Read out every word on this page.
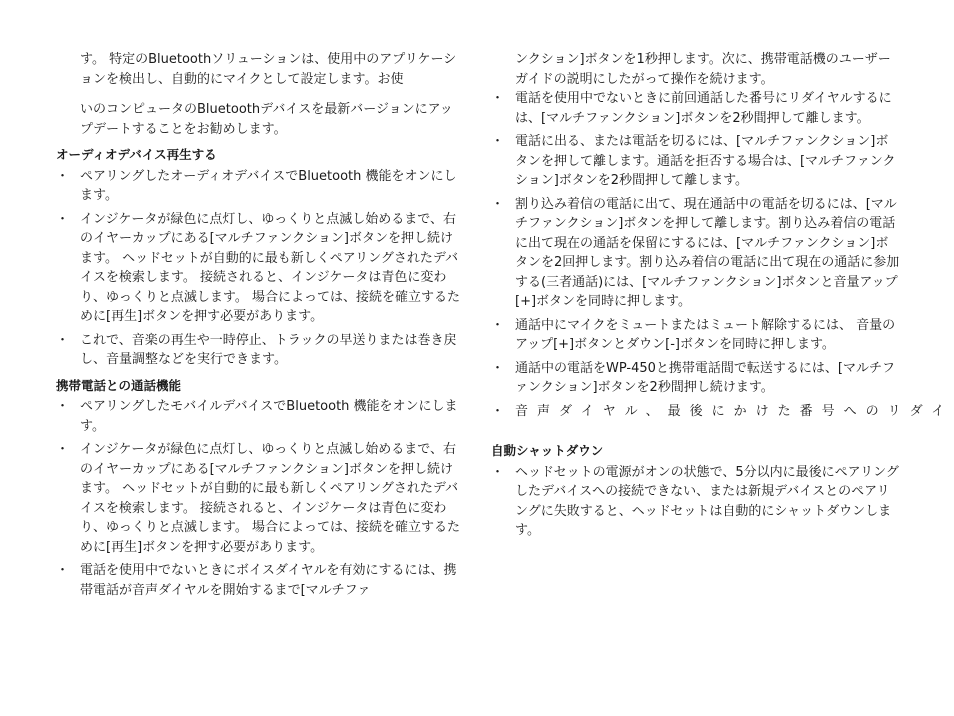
す。 特定のBluetoothソリューションは、使用中のアプリケーションを検出し、自動的にマイクとして設定します。お使

いのコンピュータのBluetoothデバイスを最新バージョンにアップデートすることをお勧めします。

オーディオデバイス再生する
・ ペアリングしたオーディオデバイスでBluetooth 機能をオンにします。
・ インジケータが緑色に点灯し、ゆっくりと点滅し始めるまで、右のイヤーカップにある[マルチファンクション]ボタンを押し続けます。 ヘッドセットが自動的に最も新しくペアリングされたデバイスを検索します。 接続されると、インジケータは青色に変わり、ゆっくりと点滅します。 場合によっては、接続を確立するために[再生]ボタンを押す必要があります。
・ これで、音楽の再生や一時停止、トラックの早送りまたは巻き戻し、音量調整などを実行できます。
携帯電話との通話機能
・ ペアリングしたモバイルデバイスでBluetooth 機能をオンにします。
・ インジケータが緑色に点灯し、ゆっくりと点滅し始めるまで、右のイヤーカップにある[マルチファンクション]ボタンを押し続けます。 ヘッドセットが自動的に最も新しくペアリングされたデバイスを検索します。 接続されると、インジケータは青色に変わり、ゆっくりと点滅します。 場合によっては、接続を確立するために[再生]ボタンを押す必要があります。
・ 電話を使用中でないときにボイスダイヤルを有効にするには、携帯電話が音声ダイヤルを開始するまで[マルチファ

ンクション]ボタンを1秒押します。次に、携帯電話機のユーザーガイドの説明にしたがって操作を続けます。

・ 電話を使用中でないときに前回通話した番号にリダイヤルするには、[マルチファンクション]ボタンを2秒間押して離します。
・ 電話に出る、または電話を切るには、[マルチファンクション]ボタンを押して離します。通話を拒否する場合は、[マルチファンクション]ボタンを2秒間押して離します。
・ 割り込み着信の電話に出て、現在通話中の電話を切るには、[マルチファンクション]ボタンを押して離します。割り込み着信の電話に出て現在の通話を保留にするには、[マルチファンクション]ボタンを2回押します。割り込み着信の電話に出て現在の通話に参加する(三者通話)には、[マルチファンクション]ボタンと音量アップ[+]ボタンを同時に押します。
・ 通話中にマイクをミュートまたはミュート解除するには、 音量のアップ[+]ボタンとダウン[-]ボタンを同時に押します。
・ 通話中の電話をWP-450と携帯電話間で転送するには、[マルチファンクション]ボタンを2秒間押し続けます。
・ 音声ダイヤル、最後にかけた番号へのリダイ
自動シャットダウン
・ ヘッドセットの電源がオンの状態で、5分以内に最後にペアリングしたデバイスへの接続できない、または新規デバイスとのペアリングに失敗すると、ヘッドセットは自動的にシャットダウンします。
